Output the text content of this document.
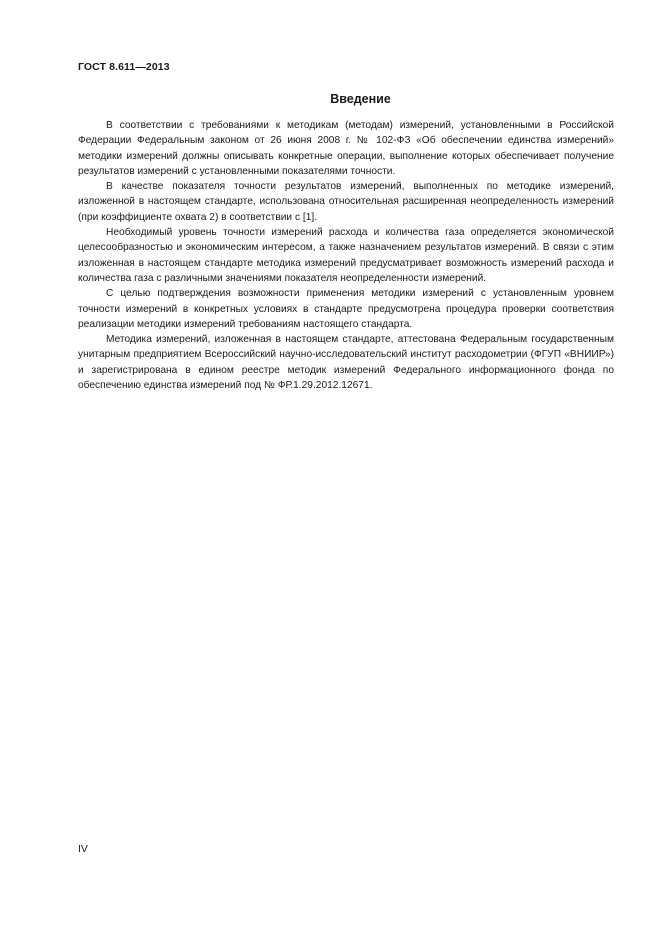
ГОСТ 8.611—2013
Введение

В соответствии с требованиями к методикам (методам) измерений, установленными в Российской Федерации Федеральным законом от 26 июня 2008 г. № 102-ФЗ «Об обеспечении единства измерений» методики измерений должны описывать конкретные операции, выполнение которых обеспечивает получение результатов измерений с установленными показателями точности.

В качестве показателя точности результатов измерений, выполненных по методике измерений, изложенной в настоящем стандарте, использована относительная расширенная неопределенность измерений (при коэффициенте охвата 2) в соответствии с [1].

Необходимый уровень точности измерений расхода и количества газа определяется экономической целесообразностью и экономическим интересом, а также назначением результатов измерений. В связи с этим изложенная в настоящем стандарте методика измерений предусматривает возможность измерений расхода и количества газа с различными значениями показателя неопределенности измерений.

С целью подтверждения возможности применения методики измерений с установленным уровнем точности измерений в конкретных условиях в стандарте предусмотрена процедура проверки соответствия реализации методики измерений требованиям настоящего стандарта.

Методика измерений, изложенная в настоящем стандарте, аттестована Федеральным государственным унитарным предприятием Всероссийский научно-исследовательский институт расходометрии (ФГУП «ВНИИР») и зарегистрирована в едином реестре методик измерений Федерального информационного фонда по обеспечению единства измерений под № ФР.1.29.2012.12671.

IV
